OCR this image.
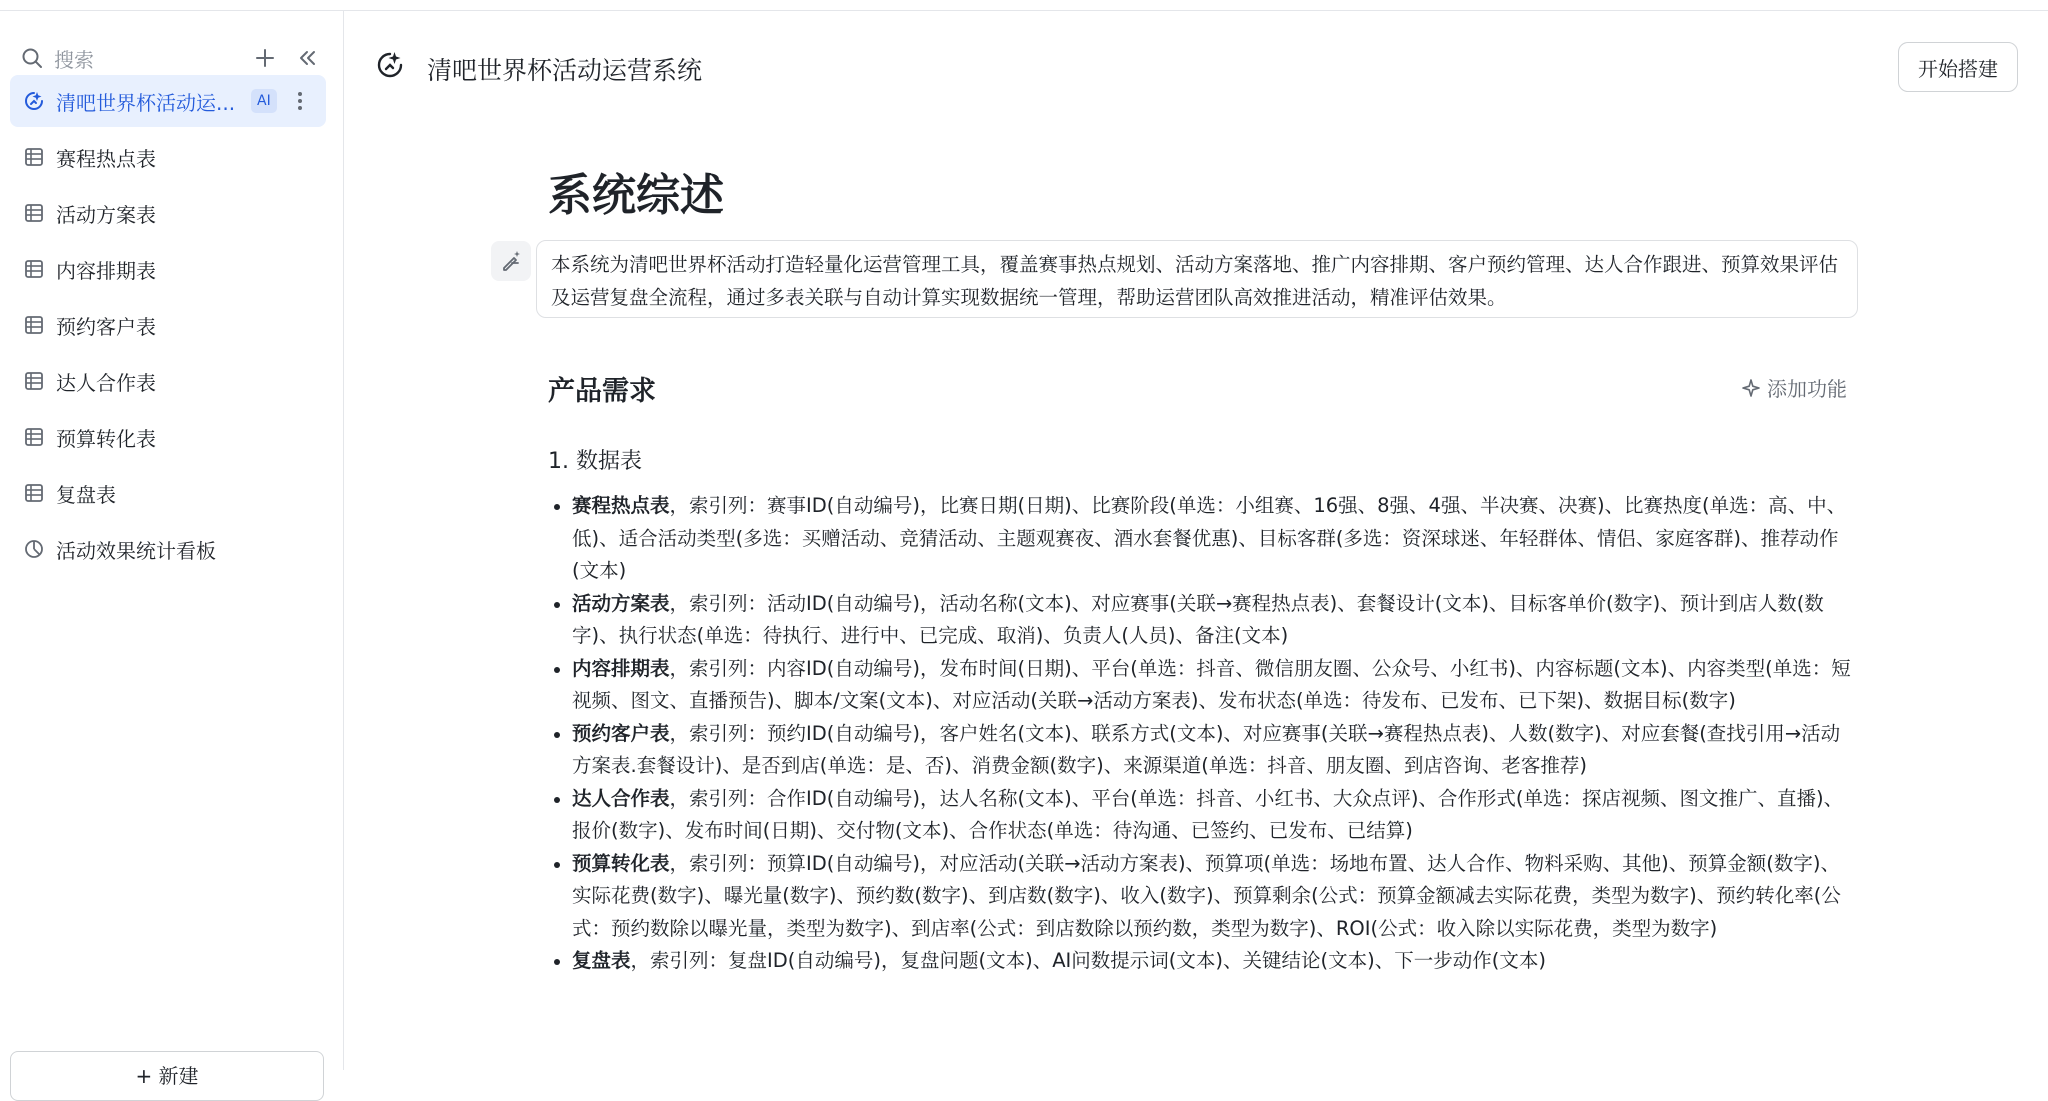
搜索
清吧世界杯活动运...	AI
赛程热点表
活动方案表
内容排期表
预约客户表
达人合作表
预算转化表
复盘表
活动效果统计看板
+ 新建
清吧世界杯活动运营系统	开始搭建
系统综述
本系统为清吧世界杯活动打造轻量化运营管理工具，覆盖赛事热点规划、活动方案落地、推广内容排期、客户预约管理、达人合作跟进、预算效果评估及运营复盘全流程，通过多表关联与自动计算实现数据统一管理，帮助运营团队高效推进活动，精准评估效果。
产品需求	添加功能
1. 数据表
赛程热点表，索引列：赛事ID(自动编号)，比赛日期(日期)、比赛阶段(单选：小组赛、16强、8强、4强、半决赛、决赛)、比赛热度(单选：高、中、低)、适合活动类型(多选：买赠活动、竞猜活动、主题观赛夜、酒水套餐优惠)、目标客群(多选：资深球迷、年轻群体、情侣、家庭客群)、推荐动作(文本)
活动方案表，索引列：活动ID(自动编号)，活动名称(文本)、对应赛事(关联→赛程热点表)、套餐设计(文本)、目标客单价(数字)、预计到店人数(数字)、执行状态(单选：待执行、进行中、已完成、取消)、负责人(人员)、备注(文本)
内容排期表，索引列：内容ID(自动编号)，发布时间(日期)、平台(单选：抖音、微信朋友圈、公众号、小红书)、内容标题(文本)、内容类型(单选：短视频、图文、直播预告)、脚本/文案(文本)、对应活动(关联→活动方案表)、发布状态(单选：待发布、已发布、已下架)、数据目标(数字)
预约客户表，索引列：预约ID(自动编号)，客户姓名(文本)、联系方式(文本)、对应赛事(关联→赛程热点表)、人数(数字)、对应套餐(查找引用→活动方案表.套餐设计)、是否到店(单选：是、否)、消费金额(数字)、来源渠道(单选：抖音、朋友圈、到店咨询、老客推荐)
达人合作表，索引列：合作ID(自动编号)，达人名称(文本)、平台(单选：抖音、小红书、大众点评)、合作形式(单选：探店视频、图文推广、直播)、报价(数字)、发布时间(日期)、交付物(文本)、合作状态(单选：待沟通、已签约、已发布、已结算)
预算转化表，索引列：预算ID(自动编号)，对应活动(关联→活动方案表)、预算项(单选：场地布置、达人合作、物料采购、其他)、预算金额(数字)、实际花费(数字)、曝光量(数字)、预约数(数字)、到店数(数字)、收入(数字)、预算剩余(公式：预算金额减去实际花费，类型为数字)、预约转化率(公式：预约数除以曝光量，类型为数字)、到店率(公式：到店数除以预约数，类型为数字)、ROI(公式：收入除以实际花费，类型为数字)
复盘表，索引列：复盘ID(自动编号)，复盘问题(文本)、AI问数提示词(文本)、关键结论(文本)、下一步动作(文本)
